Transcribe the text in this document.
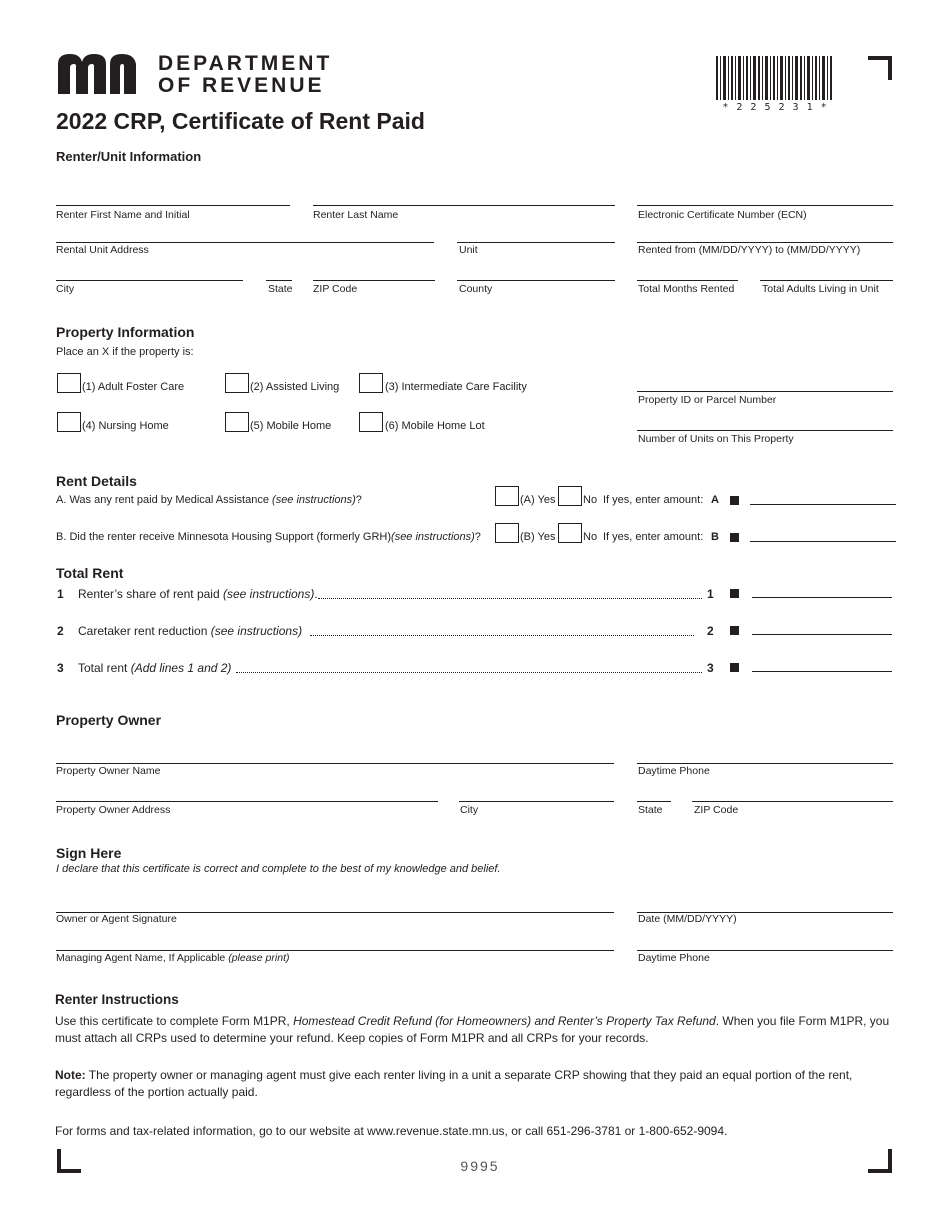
DEPARTMENT
OF REVENUE
2022 CRP, Certificate of Rent Paid
* 2 2 5 2 3 1 *
Renter/Unit Information
Renter First Name and Initial	Renter Last Name	Electronic Certificate Number (ECN)
Rental Unit Address	Unit	Rented from (MM/DD/YYYY) to (MM/DD/YYYY)
City	State ZIP Code	County	Total Months Rented	Total Adults Living in Unit
Property Information
Place an X if the property is:
(1) Adult Foster Care	(2) Assisted Living	(3) Intermediate Care Facility
(4) Nursing Home	(5) Mobile Home	(6) Mobile Home Lot
Property ID or Parcel Number
Number of Units on This Property
Rent Details
A. Was any rent paid by Medical Assistance (see instructions)?	(A) Yes	No If yes, enter amount: A
B. Did the renter receive Minnesota Housing Support (formerly GRH)(see instructions)?	(B) Yes	No If yes, enter amount: B
Total Rent
1 Renter’s share of rent paid (see instructions).	1
2 Caretaker rent reduction (see instructions)	2
3 Total rent (Add lines 1 and 2)	3
Property Owner
Property Owner Name	Daytime Phone
Property Owner Address	City	State	ZIP Code
Sign Here
I declare that this certificate is correct and complete to the best of my knowledge and belief.
Owner or Agent Signature	Date (MM/DD/YYYY)
Managing Agent Name, If Applicable (please print)	Daytime Phone
Renter Instructions
Use this certificate to complete Form M1PR, Homestead Credit Refund (for Homeowners) and Renter’s Property Tax Refund. When you file Form M1PR, you must attach all CRPs used to determine your refund. Keep copies of Form M1PR and all CRPs for your records.
Note: The property owner or managing agent must give each renter living in a unit a separate CRP showing that they paid an equal portion of the rent, regardless of the portion actually paid.
For forms and tax-related information, go to our website at www.revenue.state.mn.us, or call 651-296-3781 or 1-800-652-9094.
9995
